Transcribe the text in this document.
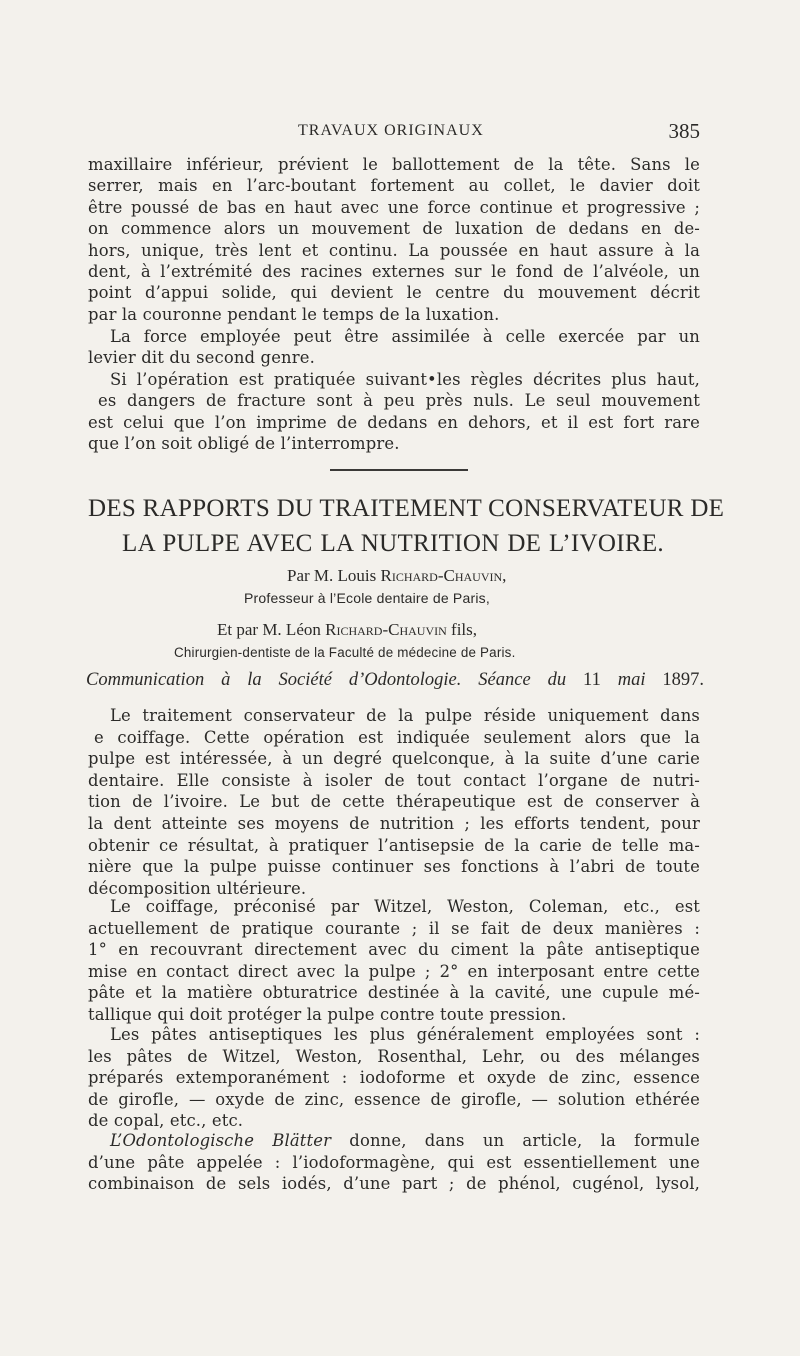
TRAVAUX ORIGINAUX	385
maxillaire inférieur, prévient le ballottement de la tête. Sans le
serrer, mais en l’arc-boutant fortement au collet, le davier doit
être poussé de bas en haut avec une force continue et progressive ;
on commence alors un mouvement de luxation de dedans en de-
hors, unique, très lent et continu. La poussée en haut assure à la
dent, à l’extrémité des racines externes sur le fond de l’alvéole, un
point d’appui solide, qui devient le centre du mouvement décrit
par la couronne pendant le temps de la luxation.
La force employée peut être assimilée à celle exercée par un
levier dit du second genre.
Si l’opération est pratiquée suivant•les règles décrites plus haut,
es dangers de fracture sont à peu près nuls. Le seul mouvement
est celui que l’on imprime de dedans en dehors, et il est fort rare
que l’on soit obligé de l’interrompre.
DES RAPPORTS DU TRAITEMENT CONSERVATEUR DE
LA PULPE AVEC LA NUTRITION DE L’IVOIRE.
Par M. Louis Richard-Chauvin,
Professeur à l’Ecole dentaire de Paris,
Et par M. Léon Richard-Chauvin fils,
Chirurgien-dentiste de la Faculté de médecine de Paris.
Communication à la Société d’Odontologie. Séance du 11 mai 1897.
Le traitement conservateur de la pulpe réside uniquement dans
e coiffage. Cette opération est indiquée seulement alors que la
pulpe est intéressée, à un degré quelconque, à la suite d’une carie
dentaire. Elle consiste à isoler de tout contact l’organe de nutri-
tion de l’ivoire. Le but de cette thérapeutique est de conserver à
la dent atteinte ses moyens de nutrition ; les efforts tendent, pour
obtenir ce résultat, à pratiquer l’antisepsie de la carie de telle ma-
nière que la pulpe puisse continuer ses fonctions à l’abri de toute
décomposition ultérieure.
Le coiffage, préconisé par Witzel, Weston, Coleman, etc., est
actuellement de pratique courante ; il se fait de deux manières :
1° en recouvrant directement avec du ciment la pâte antiseptique
mise en contact direct avec la pulpe ; 2° en interposant entre cette
pâte et la matière obturatrice destinée à la cavité, une cupule mé-
tallique qui doit protéger la pulpe contre toute pression.
Les pâtes antiseptiques les plus généralement employées sont :
les pâtes de Witzel, Weston, Rosenthal, Lehr, ou des mélanges
préparés extemporanément : iodoforme et oxyde de zinc, essence
de girofle, — oxyde de zinc, essence de girofle, — solution ethérée
de copal, etc., etc.
L’Odontologische Blätter donne, dans un article, la formule
d’une pâte appelée : l’iodoformagène, qui est essentiellement une
combinaison de sels iodés, d’une part ; de phénol, cugénol, lysol,
